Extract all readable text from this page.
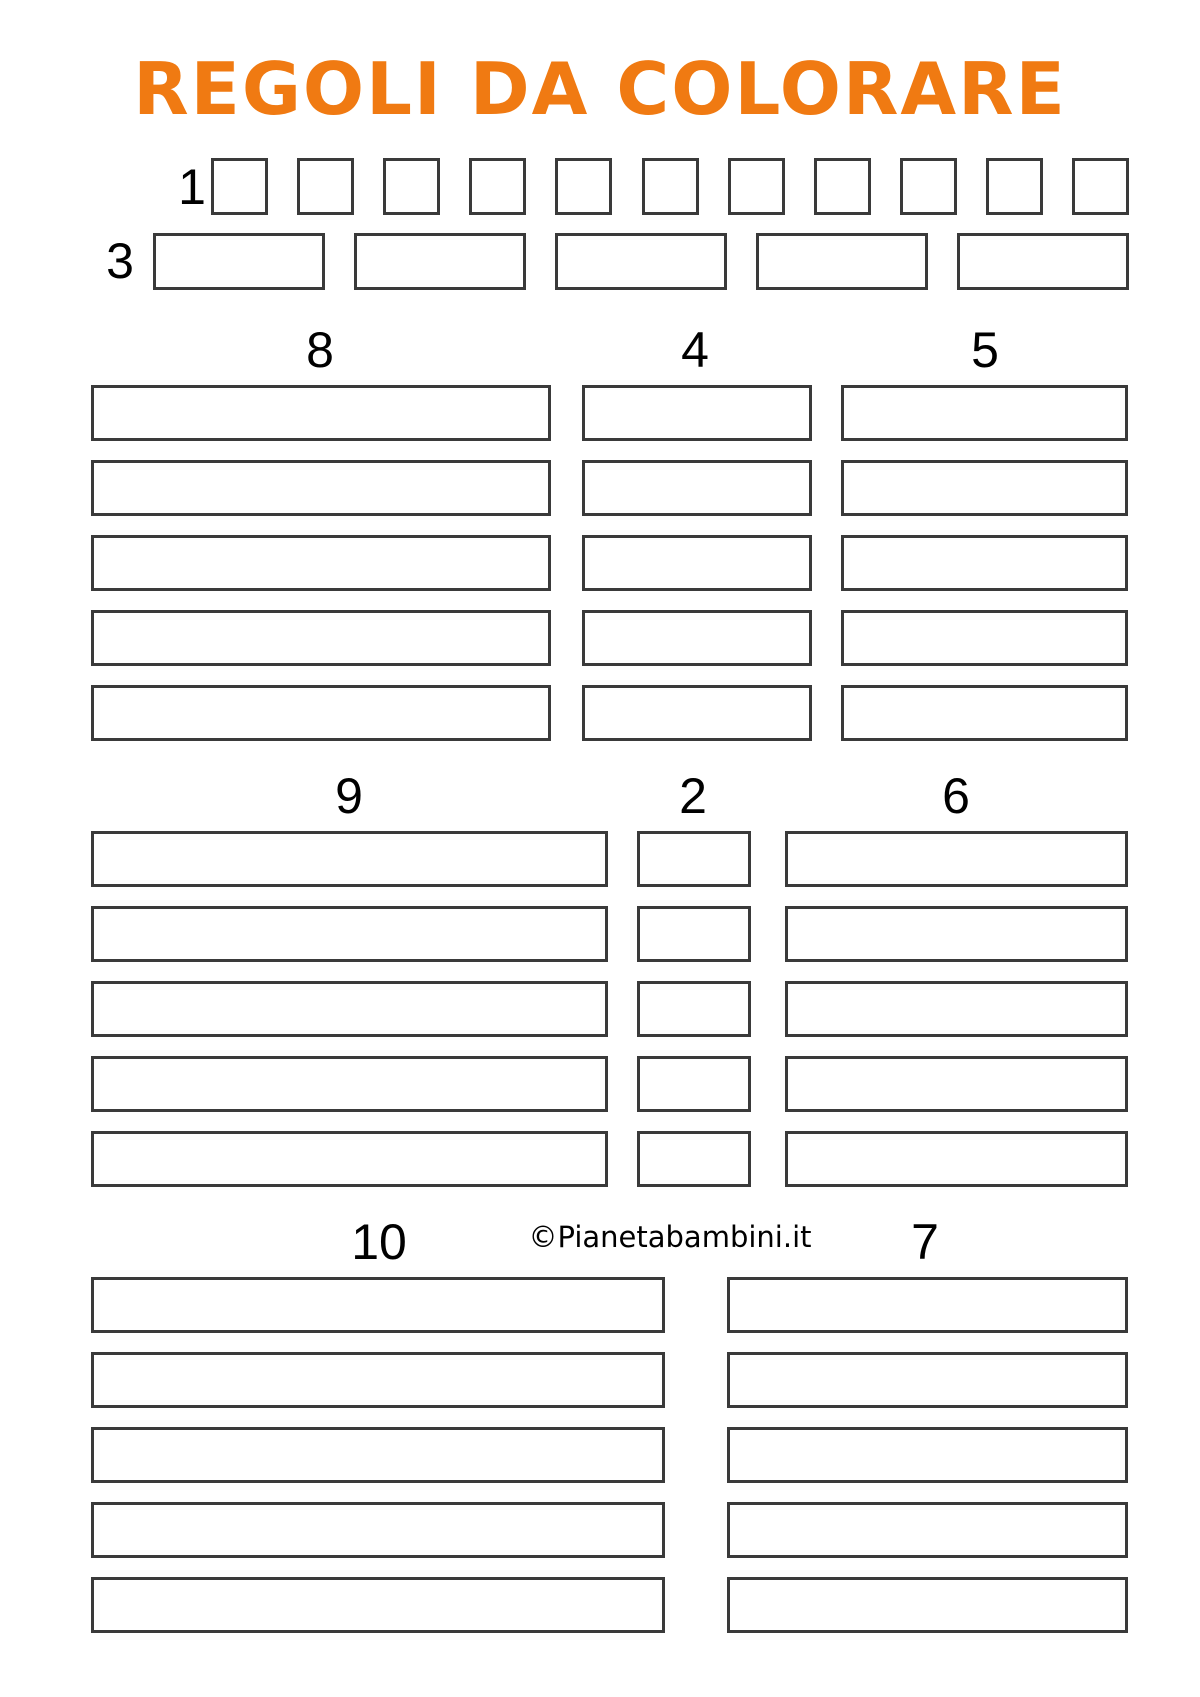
REGOLI DA COLORARE
©Pianetabambini.it
1
3
8	4	5
9	2	6
10	7
